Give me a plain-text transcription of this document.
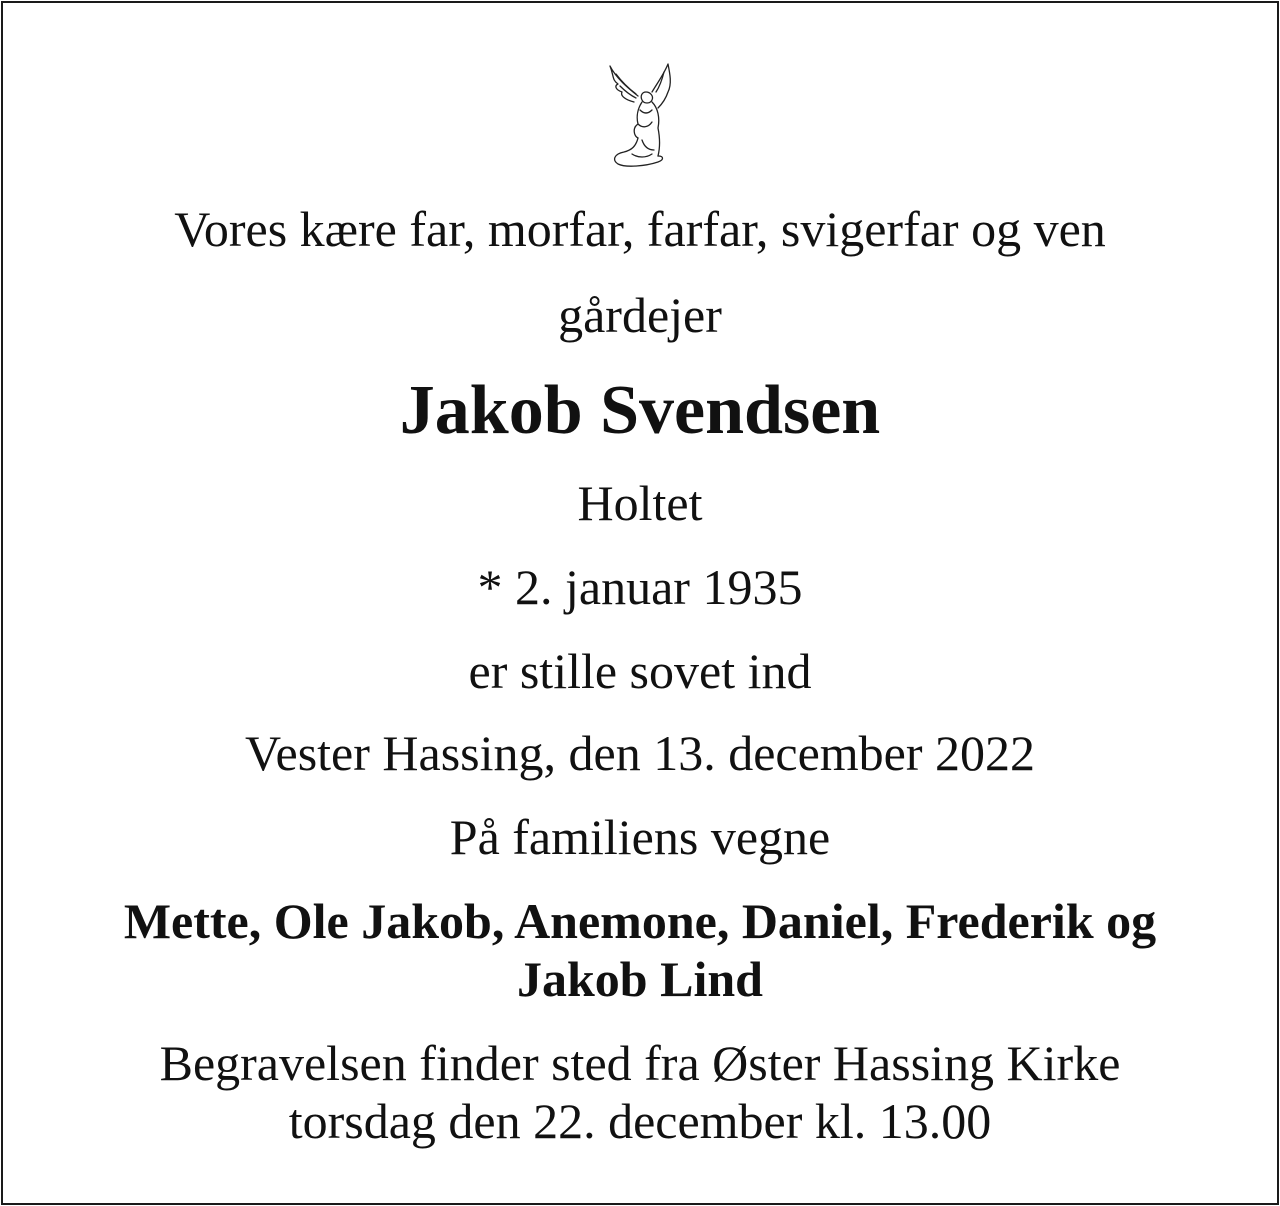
Vores kære far, morfar, farfar, svigerfar og ven
gårdejer
Jakob Svendsen
Holtet
* 2. januar 1935
er stille sovet ind
Vester Hassing, den 13. december 2022
På familiens vegne
Mette, Ole Jakob, Anemone, Daniel, Frederik og
Jakob Lind
Begravelsen finder sted fra Øster Hassing Kirke
torsdag den 22. december kl. 13.00
